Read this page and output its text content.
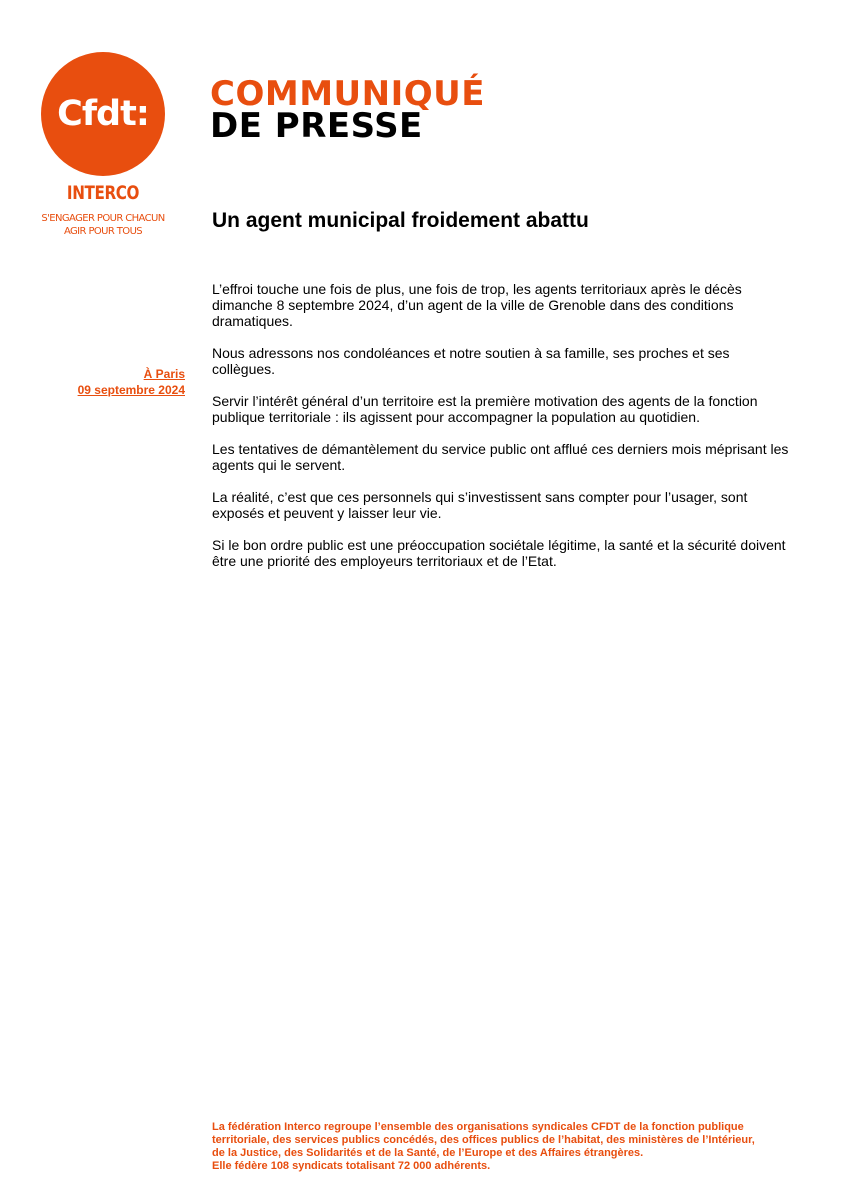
Cfdt:
INTERCO
S'ENGAGER POUR CHACUN
AGIR POUR TOUS
COMMUNIQUÉ
DE PRESSE
Un agent municipal froidement abattu
À Paris
09 septembre 2024

L’effroi touche une fois de plus, une fois de trop, les agents territoriaux après le décès dimanche 8 septembre 2024, d’un agent de la ville de Grenoble dans des conditions dramatiques.

Nous adressons nos condoléances et notre soutien à sa famille, ses proches et ses collègues.

Servir l’intérêt général d’un territoire est la première motivation des agents de la fonction publique territoriale : ils agissent pour accompagner la population au quotidien.

Les tentatives de démantèlement du service public ont afflué ces derniers mois méprisant les agents qui le servent.

La réalité, c’est que ces personnels qui s’investissent sans compter pour l’usager, sont exposés et peuvent y laisser leur vie.

Si le bon ordre public est une préoccupation sociétale légitime, la santé et la sécurité doivent être une priorité des employeurs territoriaux et de l’Etat.

La fédération Interco regroupe l’ensemble des organisations syndicales CFDT de la fonction publique
territoriale, des services publics concédés, des offices publics de l’habitat, des ministères de l’Intérieur,
de la Justice, des Solidarités et de la Santé, de l’Europe et des Affaires étrangères.
Elle fédère 108 syndicats totalisant 72 000 adhérents.
